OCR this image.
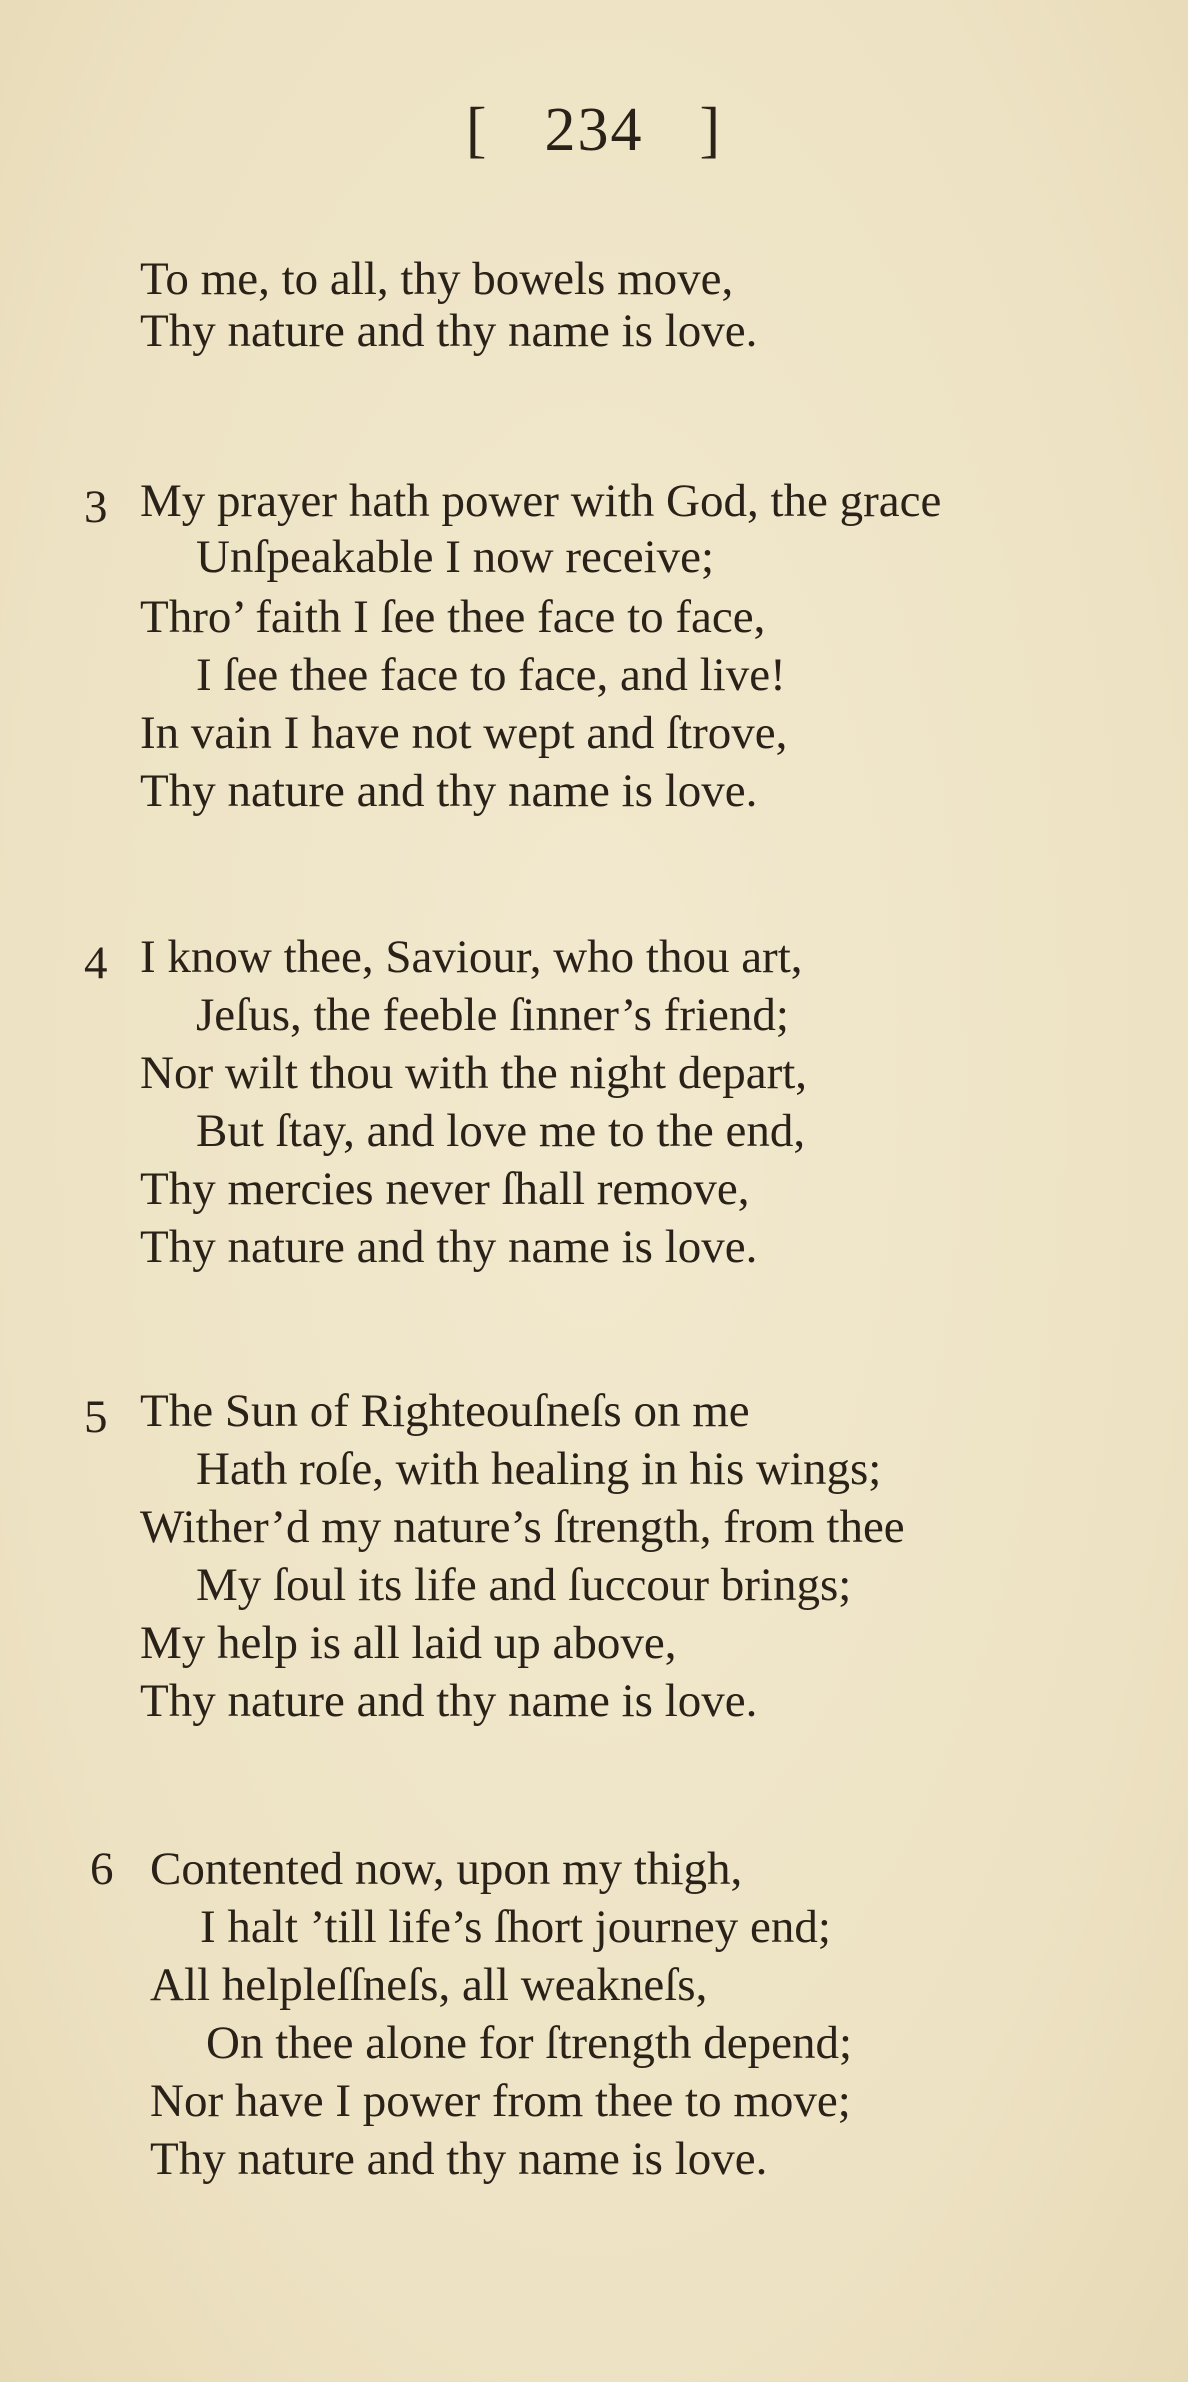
[ 234 ]
To me, to all, thy bowels move,
Thy nature and thy name is love.
3 My prayer hath power with God, the grace
Unſpeakable I now receive;
Thro’ faith I ſee thee face to face,
I ſee thee face to face, and live!
In vain I have not wept and ſtrove,
Thy nature and thy name is love.
4 I know thee, Saviour, who thou art,
Jeſus, the feeble ſinner’s friend;
Nor wilt thou with the night depart,
But ſtay, and love me to the end,
Thy mercies never ſhall remove,
Thy nature and thy name is love.
5 The Sun of Righteouſneſs on me
Hath roſe, with healing in his wings;
Wither’d my nature’s ſtrength, from thee
My ſoul its life and ſuccour brings;
My help is all laid up above,
Thy nature and thy name is love.
6 Contented now, upon my thigh,
I halt ’till life’s ſhort journey end;
All helpleſſneſs, all weakneſs,
On thee alone for ſtrength depend;
Nor have I power from thee to move;
Thy nature and thy name is love.
